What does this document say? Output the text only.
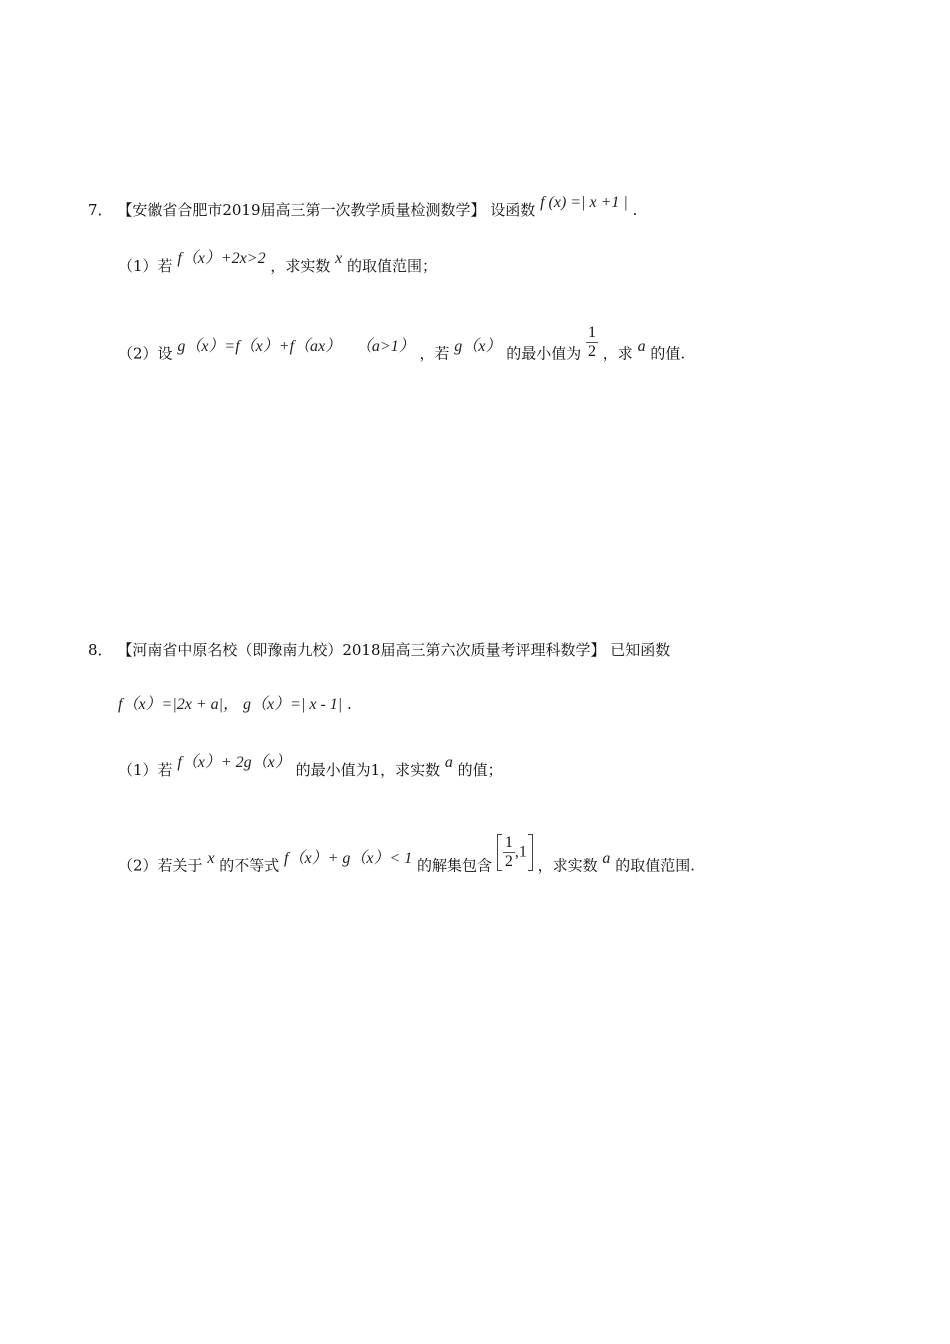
7． 【安徽省合肥市2019届高三第一次教学质量检测数学】 设函数 f (x) =| x +1 | .
（1）若 f（x）+2x>2 ，求实数 x 的取值范围；
（2）设 g（x）=f（x）+f（ax） （a>1） ，若 g（x） 的最小值为 $\frac{1}{2}$ ，求 a 的值.
8． 【河南省中原名校（即豫南九校）2018届高三第六次质量考评理科数学】 已知函数
f（x）=|2x + a|， g（x）=| x - 1| .
（1）若 f（x）+ 2g（x） 的最小值为1，求实数 a 的值；
（2）若关于 x 的不等式 f（x）+ g（x）< 1 的解集包含 $\frac{1}{2} ,1$ ，求实数 a 的取值范围.
